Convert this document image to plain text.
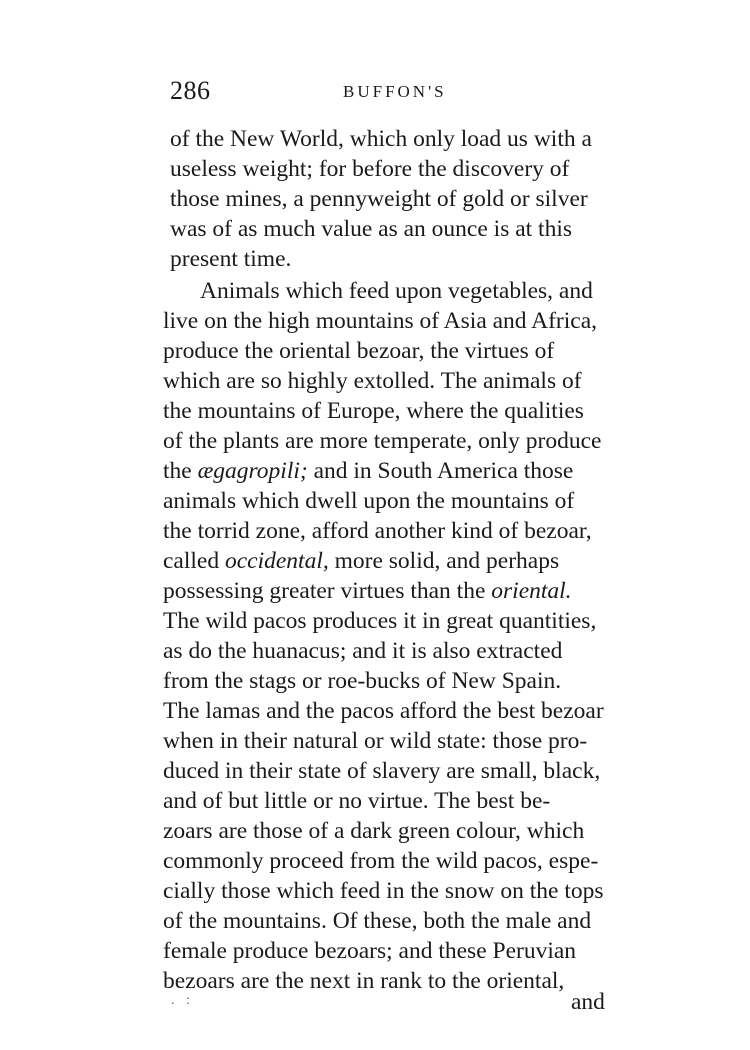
286	BUFFON'S
of the New World, which only load us with a
useless weight; for before the discovery of
those mines, a pennyweight of gold or silver
was of as much value as an ounce is at this
present time.
Animals which feed upon vegetables, and
live on the high mountains of Asia and Africa,
produce the oriental bezoar, the virtues of
which are so highly extolled. The animals of
the mountains of Europe, where the qualities
of the plants are more temperate, only produce
the ægagropili; and in South America those
animals which dwell upon the mountains of
the torrid zone, afford another kind of bezoar,
called occidental, more solid, and perhaps
possessing greater virtues than the oriental.
The wild pacos produces it in great quantities,
as do the huanacus; and it is also extracted
from the stags or roe-bucks of New Spain.
The lamas and the pacos afford the best bezoar
when in their natural or wild state: those pro-
duced in their state of slavery are small, black,
and of but little or no virtue. The best be-
zoars are those of a dark green colour, which
commonly proceed from the wild pacos, espe-
cially those which feed in the snow on the tops
of the mountains. Of these, both the male and
female produce bezoars; and these Peruvian
bezoars are the next in rank to the oriental,
. :	and
